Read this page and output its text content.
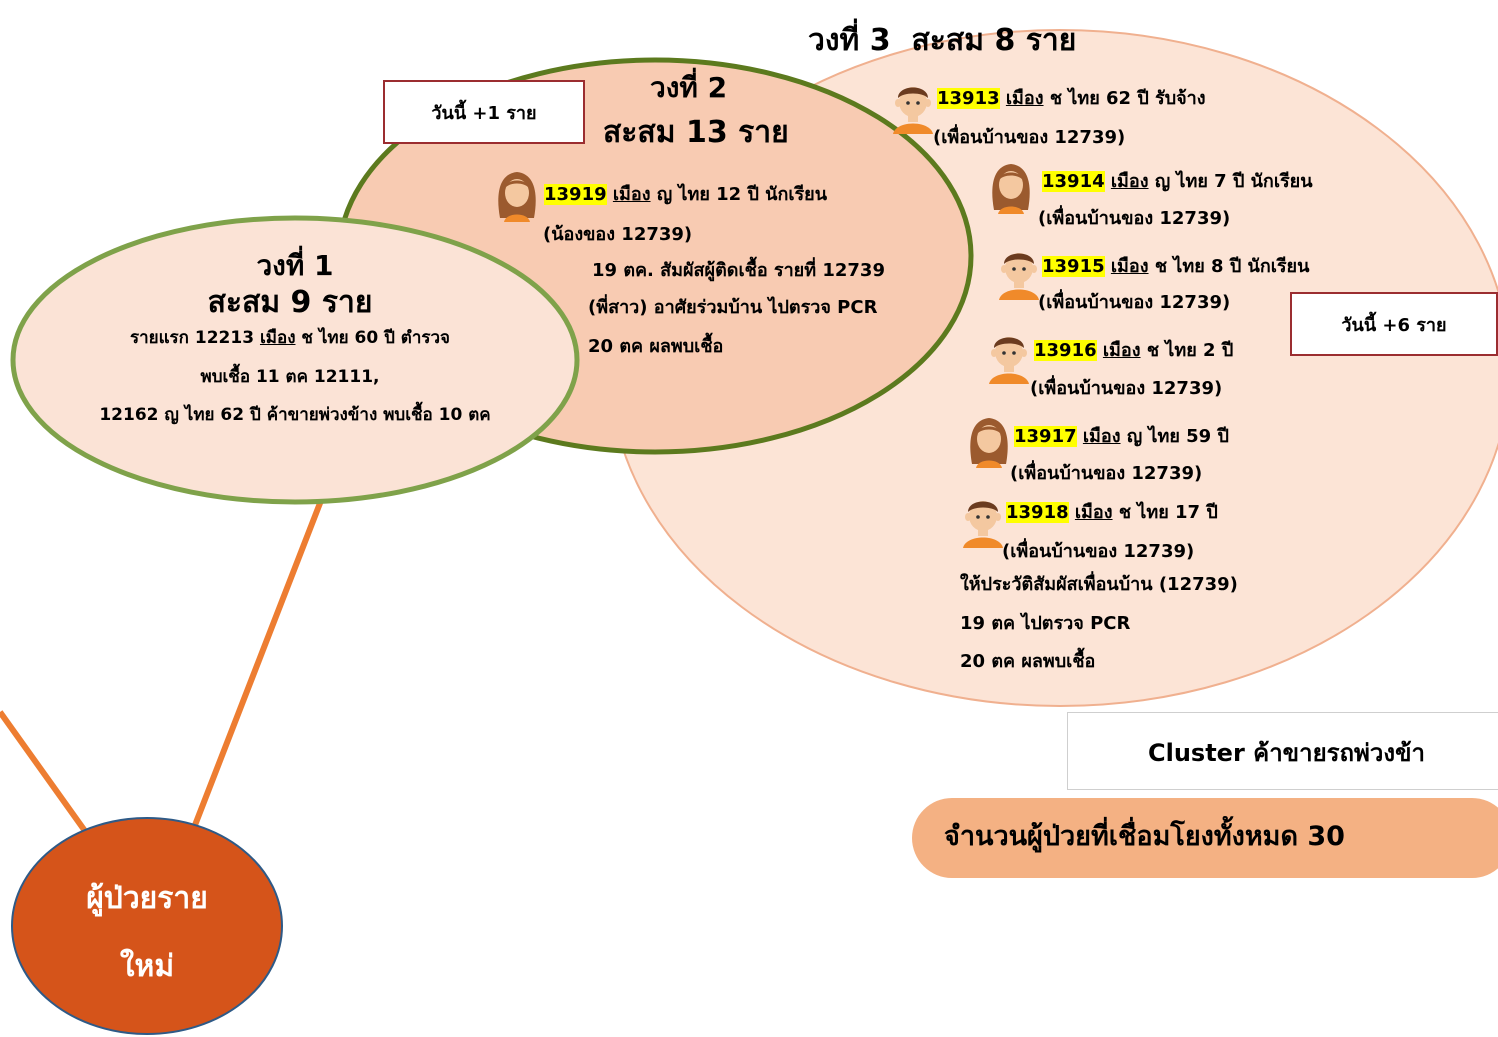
วงที่ 3 สะสม 8 ราย
วันนี้ +6 ราย
13913 เมือง ช ไทย 62 ปี รับจ้าง
(เพื่อนบ้านของ 12739)
13914 เมือง ญ ไทย 7 ปี นักเรียน
(เพื่อนบ้านของ 12739)
13915 เมือง ช ไทย 8 ปี นักเรียน
(เพื่อนบ้านของ 12739)
13916 เมือง ช ไทย 2 ปี
(เพื่อนบ้านของ 12739)
13917 เมือง ญ ไทย 59 ปี
(เพื่อนบ้านของ 12739)
13918 เมือง ช ไทย 17 ปี
(เพื่อนบ้านของ 12739)
ให้ประวัติสัมผัสเพื่อนบ้าน (12739)
19 ตค ไปตรวจ PCR
20 ตค ผลพบเชื้อ
วันนี้ +1 ราย
วงที่ 2
สะสม 13 ราย
13919 เมือง ญ ไทย 12 ปี นักเรียน
(น้องของ 12739)
19 ตค. สัมผัสผู้ติดเชื้อ รายที่ 12739
(พี่สาว) อาศัยร่วมบ้าน ไปตรวจ PCR
20 ตค ผลพบเชื้อ
วงที่ 1
สะสม 9 ราย
รายแรก 12213 เมือง ช ไทย 60 ปี ตำรวจ
พบเชื้อ 11 ตค 12111,
12162 ญ ไทย 62 ปี ค้าขายพ่วงข้าง พบเชื้อ 10 ตค
Cluster ค้าขายรถพ่วงข้า
จำนวนผู้ป่วยที่เชื่อมโยงทั้งหมด 30
ผู้ป่วยราย
ใหม่
